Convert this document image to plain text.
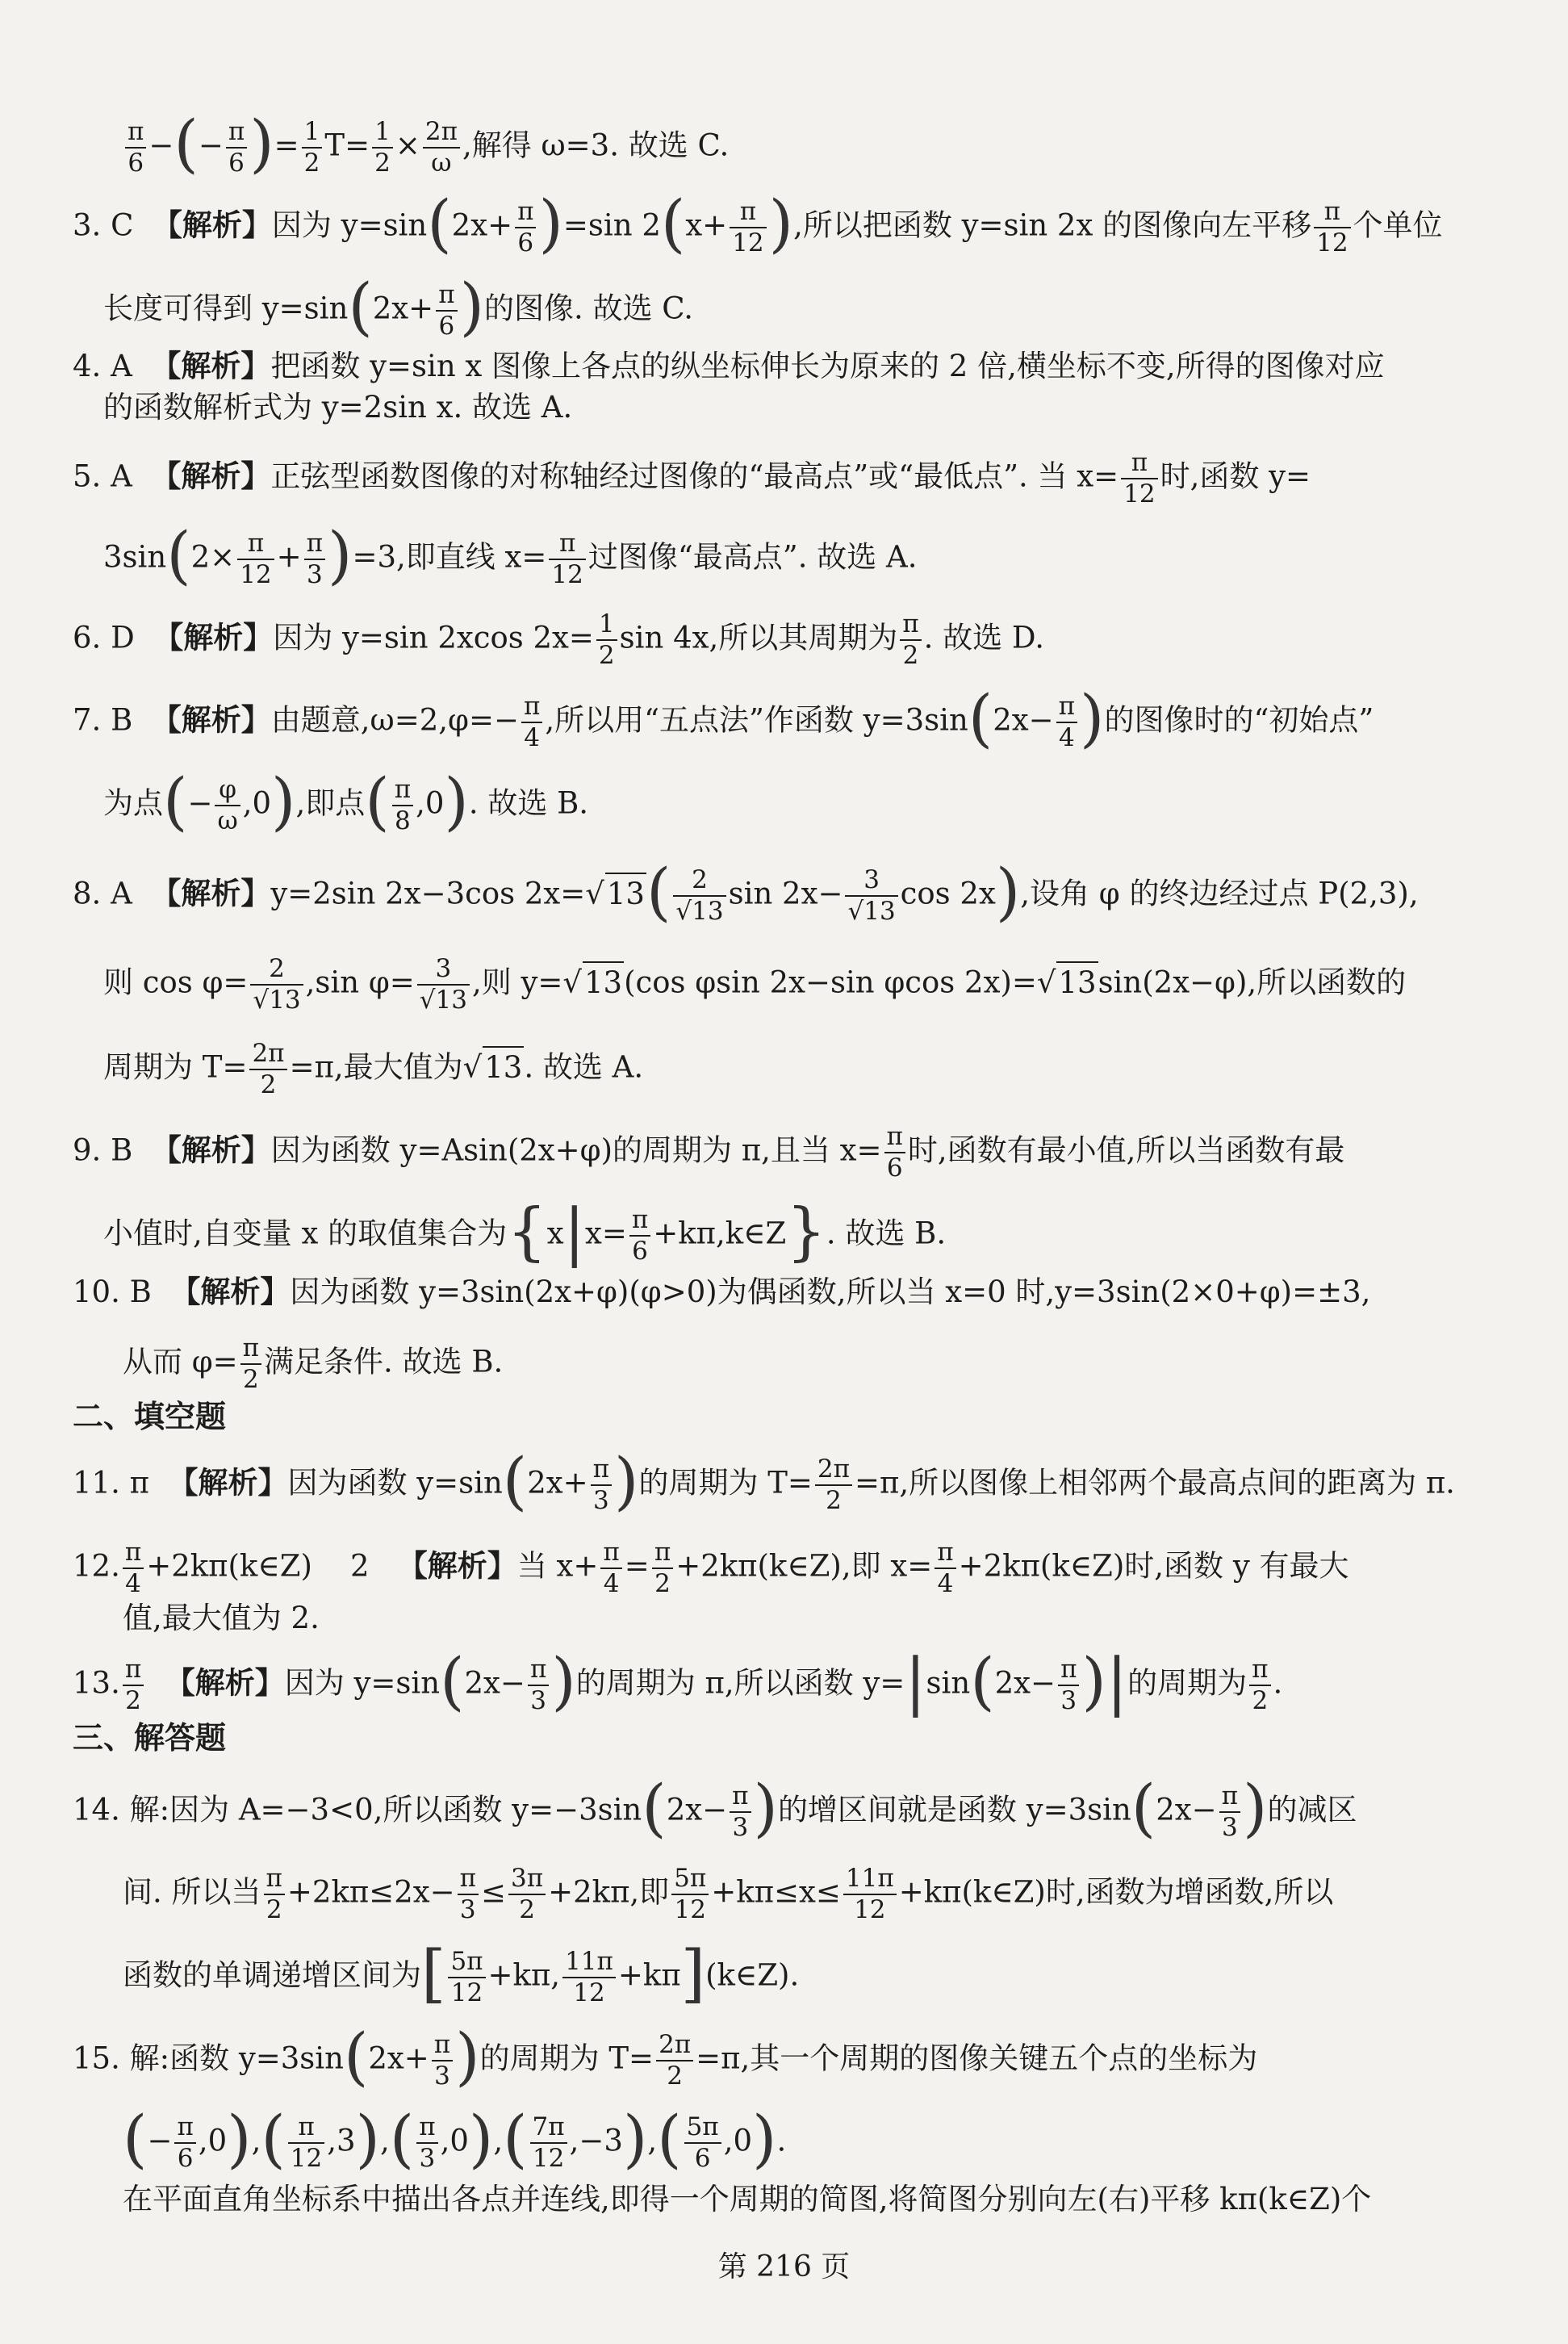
$\frac{\pi}{6}$ −(− $\frac{\pi}{6}$ )= $\frac{1}{2} T= \frac{1}{2} \times \frac{2\pi}{\omega}$ ,解得 ω=3. 故选 C.
3. C 【解析】因为 $y=\sin(2x+ \frac{\pi}{6} )=\sin$ $2(x+ \frac{\pi}{12}$ ),所以把函数 y=sin 2x 的图像向左平移 $\frac{\pi}{12}$ 个单位
长度可得到 $y=\sin(2x+ \frac{\pi}{6}$ )的图像. 故选 C.
4. A 【解析】把函数 y=sin x 图像上各点的纵坐标伸长为原来的 2 倍,横坐标不变,所得的图像对应
的函数解析式为 y=2sin x. 故选 A.
5. A 【解析】正弦型函数图像的对称轴经过图像的“最高点”或“最低点”. 当 $x= \frac{\pi}{12}$ 时,函数 y=
$3\sin(2\times \frac{\pi}{12} + \frac{\pi}{3} )=3$,即直线 $x= \frac{\pi}{12}$ 过图像“最高点”. 故选 A.
6. D 【解析】因为 y=sin 2xcos $2x= \frac{1}{2}$ sin 4x,所以其周期为 $\frac{\pi}{2}$ . 故选 D.
7. B 【解析】由题意$,\omega=2,\varphi=- \frac{\pi}{4}$ ,所以用“五点法”作函数 $y=3\sin(2x- \frac{\pi}{4}$ )的图像时的“初始点”
为点(− $\frac{\varphi}{\omega} ,0$),即点( $\frac{\pi}{8} ,0$). 故选 B.
8. A 【解析】y=2sin 2x−3cos $2x=√13( \frac{2}{√13}$ $\sin 2x- \frac{3}{√13}$ cos 2x),设角 φ 的终边经过点 P(2,3),
则 $\cos \varphi= \frac{2}{√13} ,\sin$ $\varphi= \frac{3}{√13}$ ,则 y=√13(cos φsin 2x−sin φcos 2x)=√13sin(2x−φ),所以函数的
周期为 $T= \frac{2\pi}{2} =\pi$,最大值为√13. 故选 A.
9. B 【解析】因为函数 y=Asin(2x+φ)的周期为 π,且当 $x= \frac{\pi}{6}$ 时,函数有最小值,所以当函数有最
小值时,自变量 x 的取值集合为{$x|x= \frac{\pi}{6}$ +kπ,k∈Z}. 故选 B.
10. B 【解析】因为函数 y=3sin(2x+φ)(φ>0)为偶函数,所以当 x=0 时,y=3sin(2×0+φ)=±3,
从而 $\varphi= \frac{\pi}{2}$ 满足条件. 故选 B.
二、填空题
11. π 【解析】因为函数 $y=\sin(2x+ \frac{\pi}{3}$ )的周期为 $T= \frac{2\pi}{2} =\pi$,所以图像上相邻两个最高点间的距离为 π.
12. $\frac{\pi}{4}$ +2kπ(k∈Z) 2 【解析】当 $x+ \frac{\pi}{4} = \frac{\pi}{2}$ +2kπ(k∈Z),即 $x= \frac{\pi}{4}$ +2kπ(k∈Z)时,函数 y 有最大
值,最大值为 2.
13. $\frac{\pi}{2}$ 【解析】因为 $y=\sin(2x- \frac{\pi}{3}$ )的周期为 π,所以函数 $y=|\sin(2x- \frac{\pi}{3}$ )|的周期为 $\frac{\pi}{2}$ .
三、解答题
14. 解:因为 A=−3<0,所以函数 $y=-3\sin(2x- \frac{\pi}{3}$ )的增区间就是函数 $y=3\sin(2x- \frac{\pi}{3}$ )的减区
间. 所以当 $\frac{\pi}{2} +2k\pi\le 2x- \frac{\pi}{3} \le \frac{3\pi}{2} +2k\pi$,即 $\frac{5\pi}{12} +k\pi\le x\le \frac{11\pi}{12}$ +kπ(k∈Z)时,函数为增函数,所以
函数的单调递增区间为[ $\frac{5\pi}{12} +k\pi$, $\frac{11\pi}{12}$ +kπ](k∈Z).
15. 解:函数 $y=3\sin(2x+ \frac{\pi}{3}$ )的周期为 $T= \frac{2\pi}{2} =\pi$,其一个周期的图像关键五个点的坐标为
(− $\frac{\pi}{6} ,0),( \frac{\pi}{12} ,3),( \frac{\pi}{3} ,0),( \frac{7\pi}{12} ,-3),( \frac{5\pi}{6} ,0)$.
在平面直角坐标系中描出各点并连线,即得一个周期的简图,将简图分别向左(右)平移 kπ(k∈Z)个
第 216 页
